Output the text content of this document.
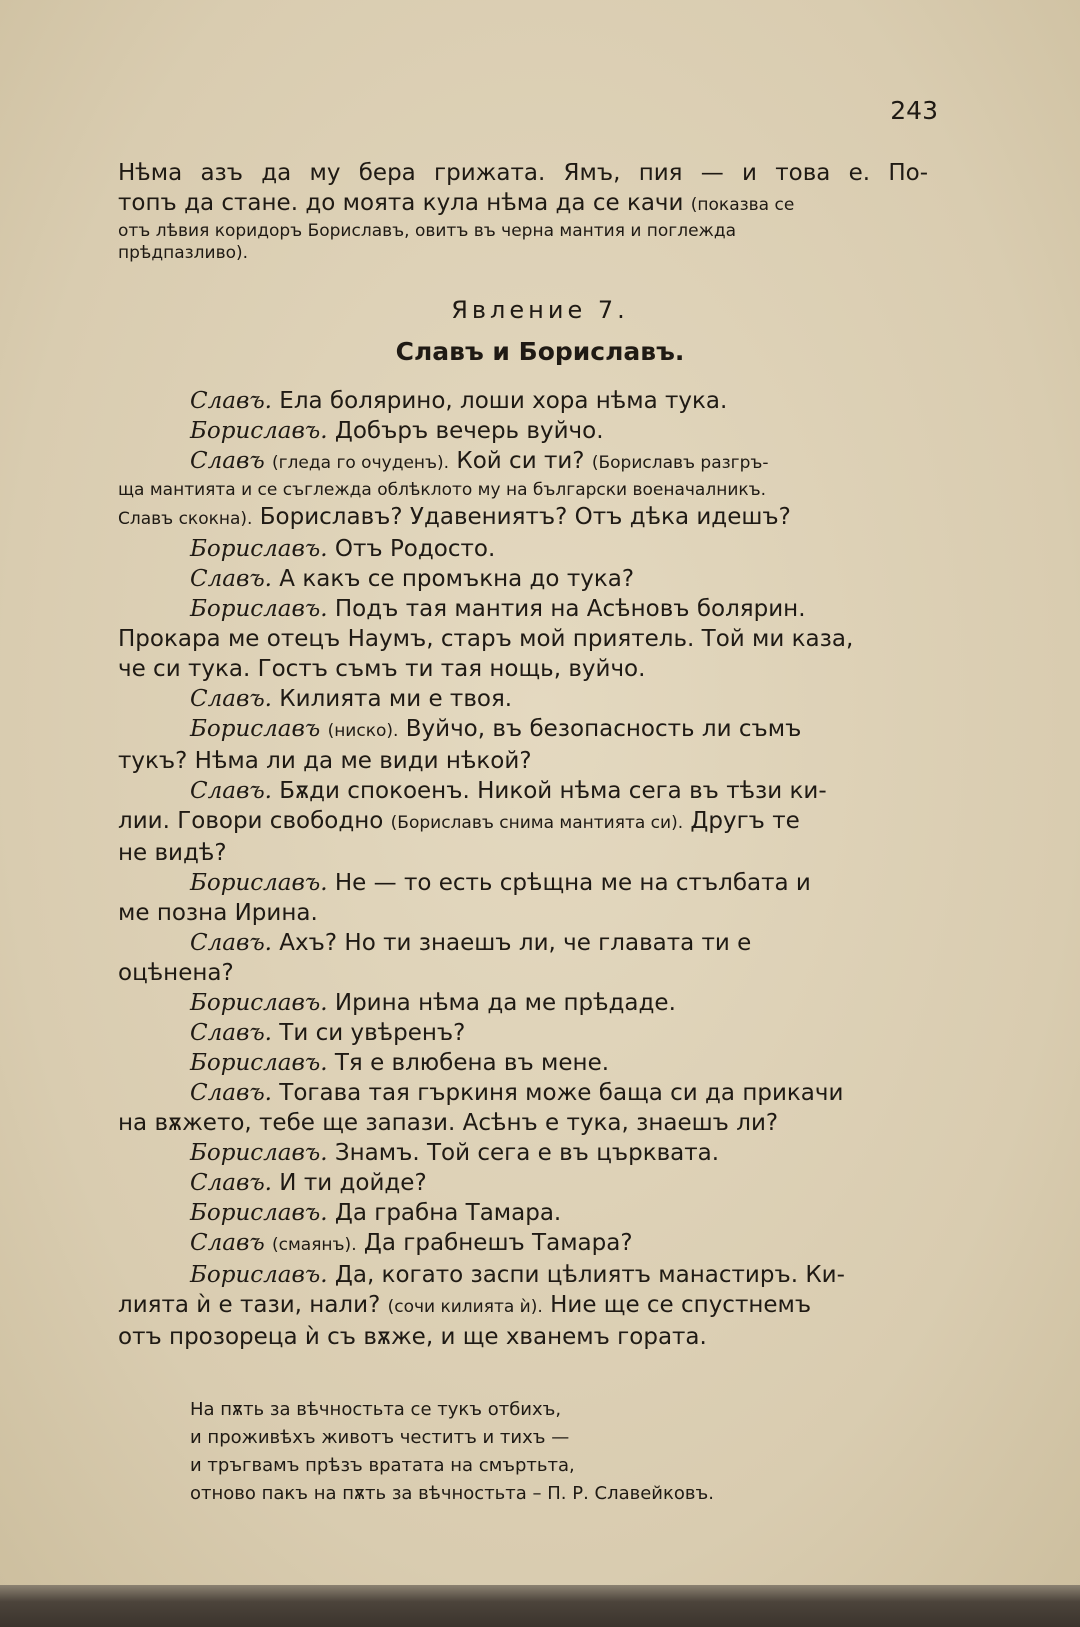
243
Нѣма азъ да му бера грижата. Ямъ, пия — и това е. По-
топъ да стане. до моята кула нѣма да се качи (показва се
отъ лѣвия коридоръ Бориславъ, овитъ въ черна мантия и поглежда
прѣдпазливо).
Явление 7.
Славъ и Бориславъ.
Славъ. Ела болярино, лоши хора нѣма тука.
Бориславъ. Добъръ вечерь вуйчо.
Славъ (гледа го очуденъ). Кой си ти? (Бориславъ разгръ-
ща мантията и се съглежда облѣклото му на български военачалникъ.
Славъ скокна). Бориславъ? Удавениятъ? Отъ дѣка идешъ?
Бориславъ. Отъ Родосто.
Славъ. А какъ се промъкна до тука?
Бориславъ. Подъ тая мантия на Асѣновъ болярин.
Прокара ме отецъ Наумъ, старъ мой приятель. Той ми каза,
че си тука. Гостъ съмъ ти тая нощь, вуйчо.
Славъ. Килията ми е твоя.
Бориславъ (ниско). Вуйчо, въ безопасность ли съмъ
тукъ? Нѣма ли да ме види нѣкой?
Славъ. Бѫди спокоенъ. Никой нѣма сега въ тѣзи ки-
лии. Говори свободно (Бориславъ снима мантията си). Другъ те
не видѣ?
Бориславъ. Не — то есть срѣщна ме на стълбата и
ме позна Ирина.
Славъ. Ахъ? Но ти знаешъ ли, че главата ти е
оцѣнена?
Бориславъ. Ирина нѣма да ме прѣдаде.
Славъ. Ти си увѣренъ?
Бориславъ. Тя е влюбена въ мене.
Славъ. Тогава тая гъркиня може баща си да прикачи
на вѫжето, тебе ще запази. Асѣнъ е тука, знаешъ ли?
Бориславъ. Знамъ. Той сега е въ църквата.
Славъ. И ти дойде?
Бориславъ. Да грабна Тамара.
Славъ (смаянъ). Да грабнешъ Тамара?
Бориславъ. Да, когато заспи цѣлиятъ манастиръ. Ки-
лията ѝ е тази, нали? (сочи килията ѝ). Ние ще се спустнемъ
отъ прозореца ѝ съ вѫже, и ще хванемъ гората.
На пѫть за вѣчностьта се тукъ отбихъ,
и проживѣхъ животъ честитъ и тихъ —
и тръгвамъ прѣзъ вратата на смъртьта,
отново пакъ на пѫть за вѣчностьта – П. Р. Славейковъ.
